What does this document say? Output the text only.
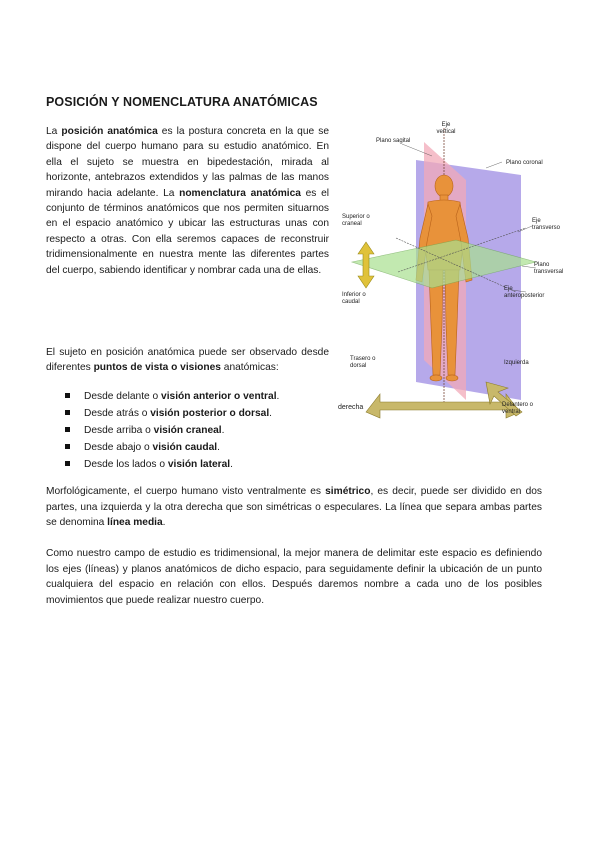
POSICIÓN Y NOMENCLATURA ANATÓMICAS

La posición anatómica es la postura concreta en la que se dispone del cuerpo humano para su estudio anatómico. En ella el sujeto se muestra en bipedestación, mirada al horizonte, antebrazos extendidos y las palmas de las manos mirando hacia adelante. La nomenclatura anatómica es el conjunto de términos anatómicos que nos permiten situarnos en el espacio anatómico y ubicar las estructuras unas con respecto a otras. Con ella seremos capaces de reconstruir tridimensionalmente en nuestra mente las diferentes partes del cuerpo, sabiendo identificar y nombrar cada una de ellas.

El sujeto en posición anatómica puede ser observado desde diferentes puntos de vista o visiones anatómicas:

Desde delante o visión anterior o ventral.
Desde atrás o visión posterior o dorsal.
Desde arriba o visión craneal.
Desde abajo o visión caudal.
Desde los lados o visión lateral.

Morfológicamente, el cuerpo humano visto ventralmente es simétrico, es decir, puede ser dividido en dos partes, una izquierda y la otra derecha que son simétricas o especulares. La línea que separa ambas partes se denomina línea media.

Como nuestro campo de estudio es tridimensional, la mejor manera de delimitar este espacio es definiendo los ejes (líneas) y planos anatómicos de dicho espacio, para seguidamente definir la ubicación de un punto cualquiera del espacio en relación con ellos. Después daremos nombre a cada uno de los posibles movimientos que puede realizar nuestro cuerpo.

Eje vertical
Plano sagital
Plano coronal
Superior o craneal	Eje transverso
Plano transversal
Eje anteroposterior
Inferior o caudal
Trasero o dorsal	Izquierda
derecha	Delantero o ventral
